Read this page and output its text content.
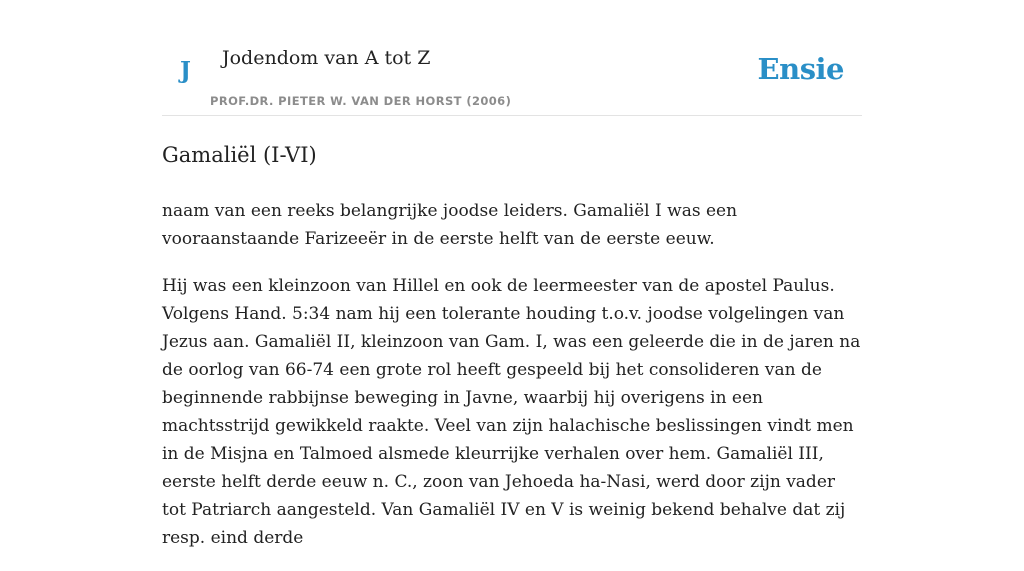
J Jodendom van A tot Z
PROF.DR. PIETER W. VAN DER HORST (2006)
Ensie
Gamaliël (I-VI)

naam van een reeks belangrijke joodse leiders. Gamaliël I was een vooraanstaande Farizeeër in de eerste helft van de eerste eeuw.

Hij was een kleinzoon van Hillel en ook de leermeester van de apostel Paulus. Volgens Hand. 5:34 nam hij een tolerante houding t.o.v. joodse volgelingen van Jezus aan. Gamaliël II, kleinzoon van Gam. I, was een geleerde die in de jaren na de oorlog van 66-74 een grote rol heeft gespeeld bij het consolideren van de beginnende rabbijnse beweging in Javne, waarbij hij overigens in een machtsstrijd gewikkeld raakte. Veel van zijn halachische beslissingen vindt men in de Misjna en Talmoed alsmede kleurrijke verhalen over hem. Gamaliël III, eerste helft derde eeuw n. C., zoon van Jehoeda ha-Nasi, werd door zijn vader tot Patriarch aangesteld. Van Gamaliël IV en V is weinig bekend behalve dat zij resp. eind derde
